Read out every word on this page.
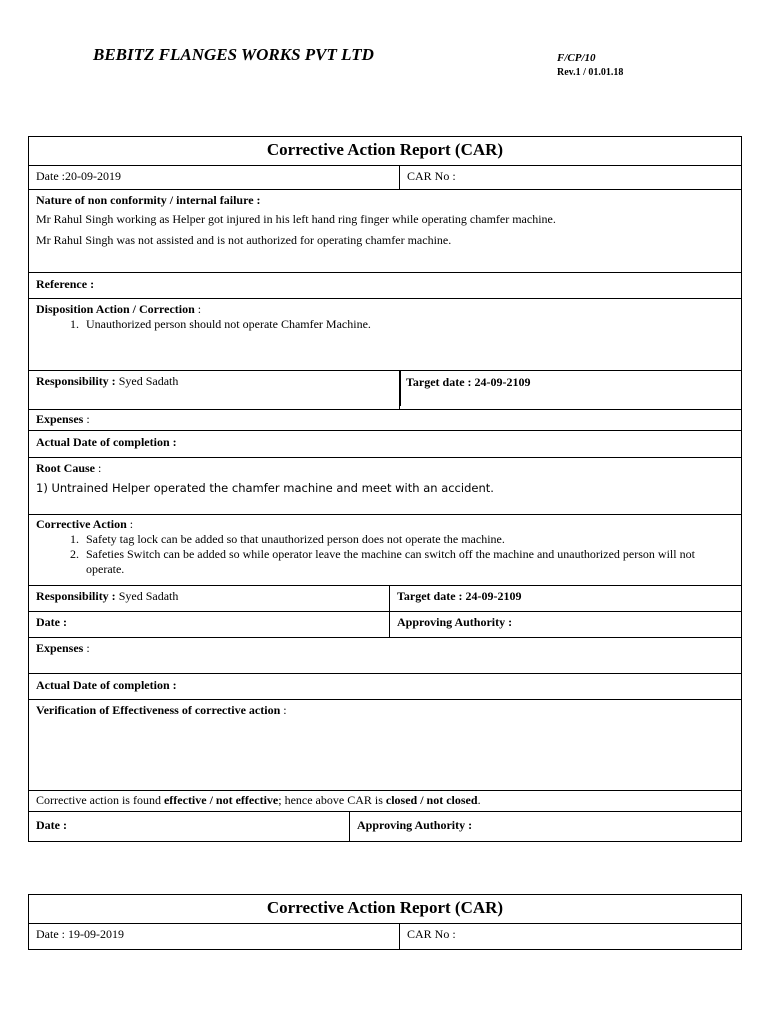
BEBITZ FLANGES WORKS PVT LTD	F/CP/10
Rev.1 / 01.01.18
Corrective Action Report (CAR)
Date :20-09-2019	CAR No :
Nature of non conformity / internal failure :
Mr Rahul Singh working as Helper got injured in his left hand ring finger while operating chamfer machine.
Mr Rahul Singh was not assisted and is not authorized for operating chamfer machine.
Reference :
Disposition Action / Correction :
1. Unauthorized person should not operate Chamfer Machine.
Responsibility : Syed Sadath	Target date : 24-09-2109
Expenses :
Actual Date of completion :
Root Cause :
1) Untrained Helper operated the chamfer machine and meet with an accident.
Corrective Action :
1. Safety tag lock can be added so that unauthorized person does not operate the machine.
2. Safeties Switch can be added so while operator leave the machine can switch off the machine and unauthorized person will not operate.
Responsibility : Syed Sadath	Target date : 24-09-2109
Date :	Approving Authority :
Expenses :
Actual Date of completion :
Verification of Effectiveness of corrective action :
Corrective action is found effective / not effective; hence above CAR is closed / not closed.
Date :	Approving Authority :
Corrective Action Report (CAR)
Date : 19-09-2019	CAR No :
